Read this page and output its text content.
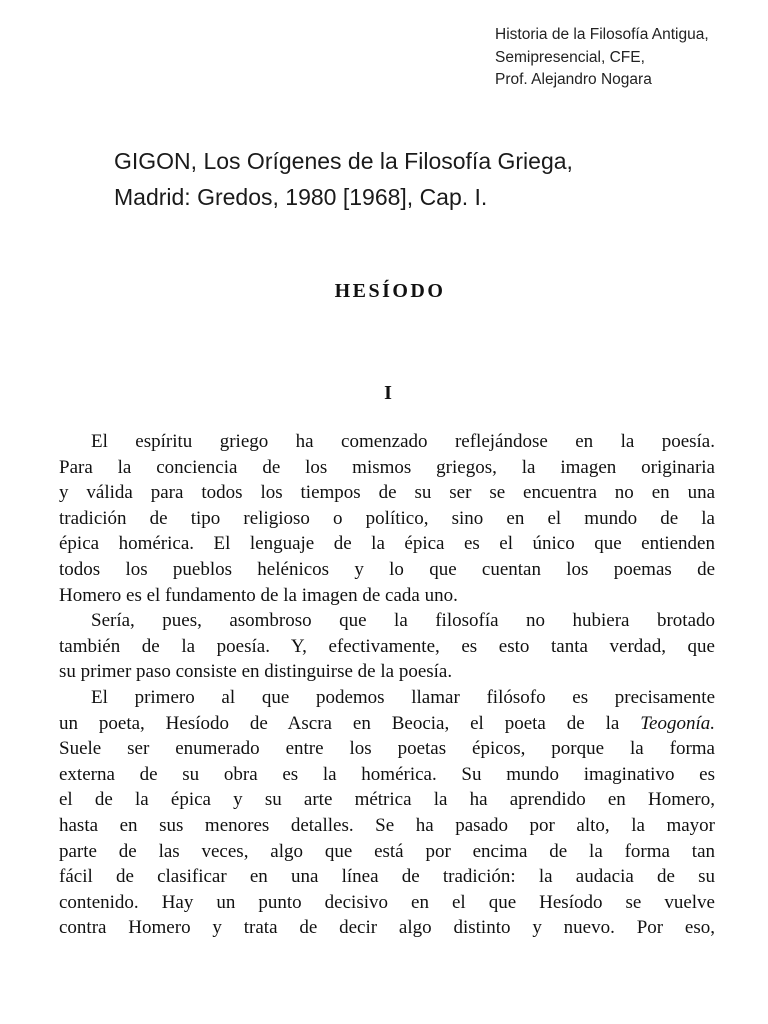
Historia de la Filosofía Antigua,
Semipresencial, CFE,
Prof. Alejandro Nogara
GIGON, Los Orígenes de la Filosofía Griega,
Madrid: Gredos, 1980 [1968], Cap. I.
HESÍODO
I
El espíritu griego ha comenzado reflejándose en la poesía.
Para la conciencia de los mismos griegos, la imagen originaria
y válida para todos los tiempos de su ser se encuentra no en una
tradición de tipo religioso o político, sino en el mundo de la
épica homérica. El lenguaje de la épica es el único que entienden
todos los pueblos helénicos y lo que cuentan los poemas de
Homero es el fundamento de la imagen de cada uno.
Sería, pues, asombroso que la filosofía no hubiera brotado
también de la poesía. Y, efectivamente, es esto tanta verdad, que
su primer paso consiste en distinguirse de la poesía.
El primero al que podemos llamar filósofo es precisamente
un poeta, Hesíodo de Ascra en Beocia, el poeta de la Teogonía.
Suele ser enumerado entre los poetas épicos, porque la forma
externa de su obra es la homérica. Su mundo imaginativo es
el de la épica y su arte métrica la ha aprendido en Homero,
hasta en sus menores detalles. Se ha pasado por alto, la mayor
parte de las veces, algo que está por encima de la forma tan
fácil de clasificar en una línea de tradición: la audacia de su
contenido. Hay un punto decisivo en el que Hesíodo se vuelve
contra Homero y trata de decir algo distinto y nuevo. Por eso,
